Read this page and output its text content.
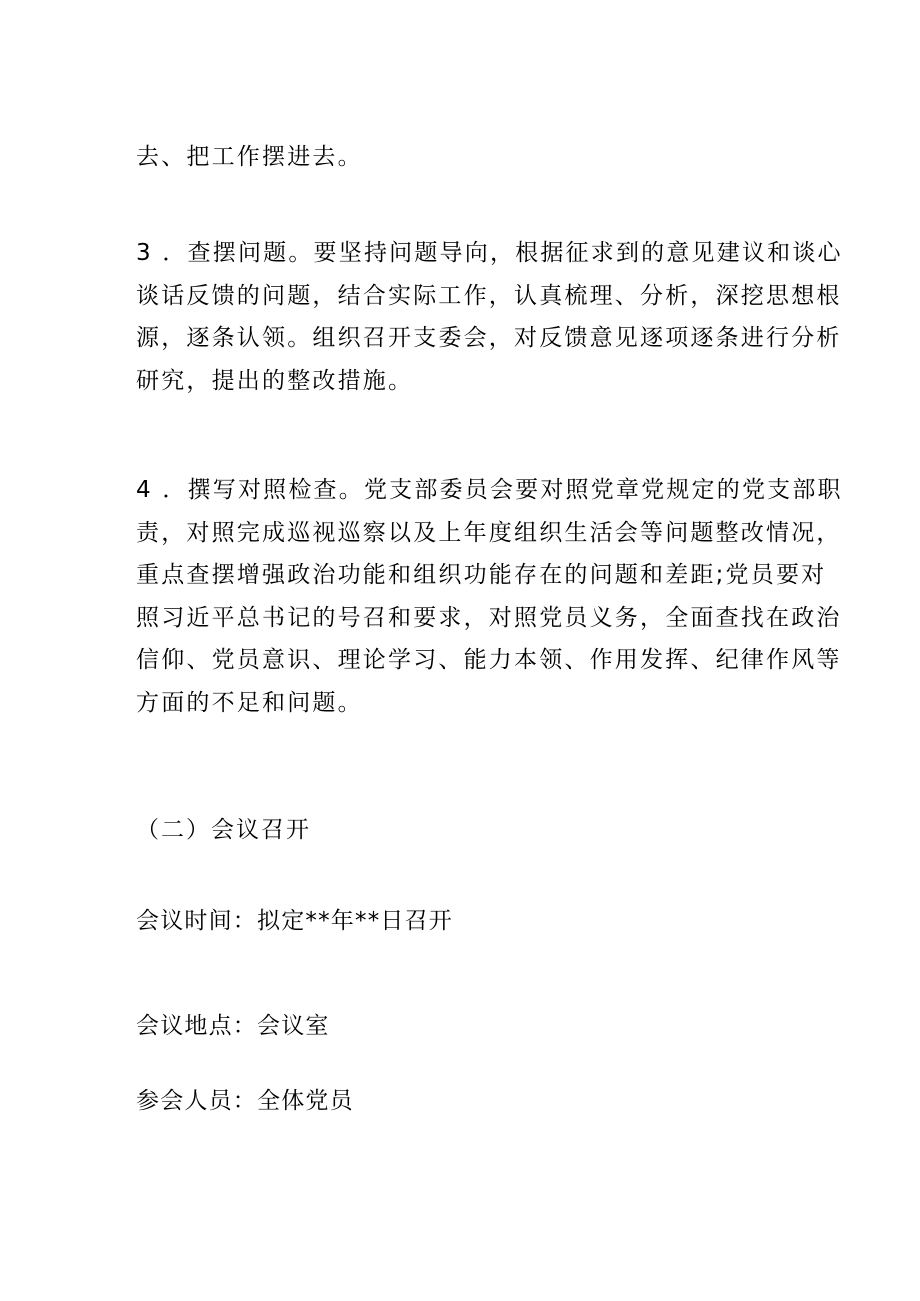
去、把工作摆进去。

3 ．查摆问题。要坚持问题导向，根据征求到的意见建议和谈心
谈话反馈的问题，结合实际工作，认真梳理、分析，深挖思想根
源，逐条认领。组织召开支委会，对反馈意见逐项逐条进行分析
研究，提出的整改措施。

4 ．撰写对照检查。党支部委员会要对照党章党规定的党支部职
责，对照完成巡视巡察以及上年度组织生活会等问题整改情况，
重点查摆增强政治功能和组织功能存在的问题和差距;党员要对
照习近平总书记的号召和要求，对照党员义务，全面查找在政治
信仰、党员意识、理论学习、能力本领、作用发挥、纪律作风等
方面的不足和问题。

（二）会议召开

会议时间：拟定**年**日召开

会议地点：会议室

参会人员：全体党员
